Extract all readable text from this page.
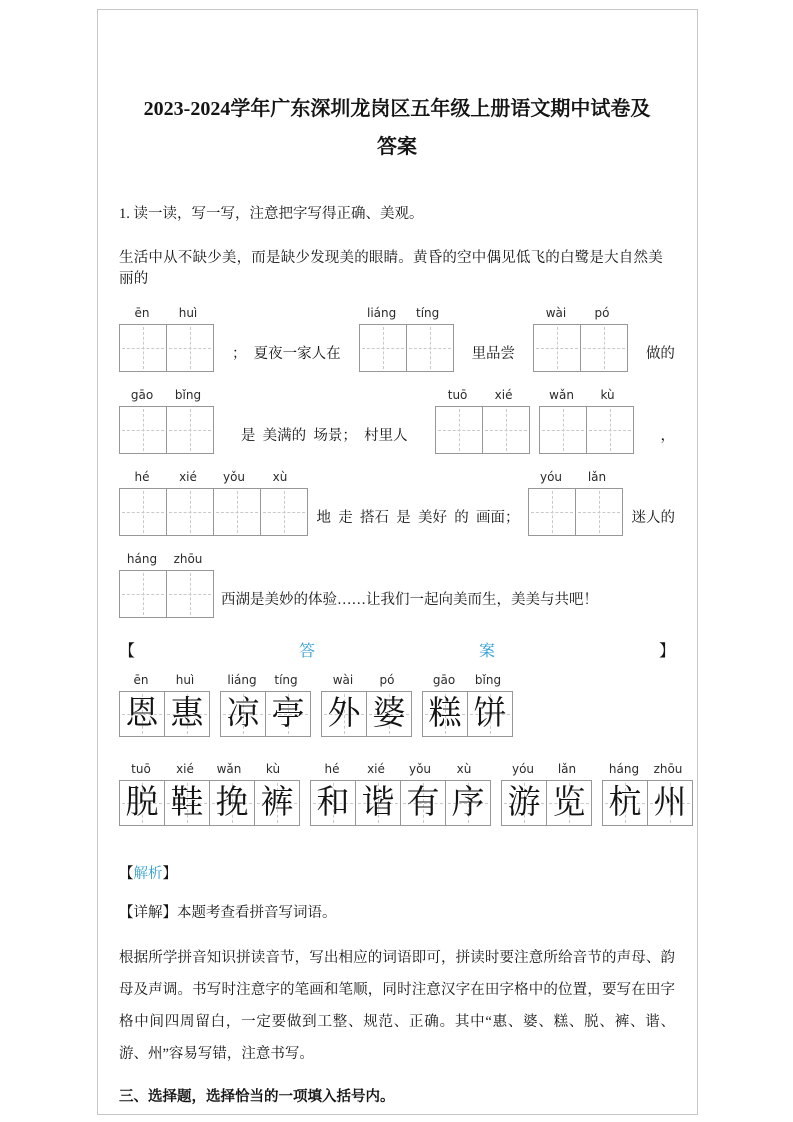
2023-2024学年广东深圳龙岗区五年级上册语文期中试卷及
答案

1. 读一读，写一写，注意把字写得正确、美观。

生活中从不缺少美，而是缺少发现美的眼睛。黄昏的空中偶见低飞的白鹭是大自然美丽的

ēn	huì
；  夏夜一家人在
liáng	tíng
里品尝
wài	pó
做的
gāo	bǐng
是  美满的  场景；  村里人
tuō	xié	wǎn	kù
，
hé	xié	yǒu	xù
地  走  搭石  是  美好  的  画面；
yóu	lǎn
迷人的
háng	zhōu
西湖是美妙的体验……让我们一起向美而生，美美与共吧！
【	答	案	】
ēn	huì
恩 惠
liáng	tíng
凉 亭
wài	pó
外 婆
gāo	bǐng
糕 饼
tuō	xié	wǎn	kù
脱 鞋 挽 裤
hé	xié	yǒu	xù
和 谐 有 序
yóu	lǎn
游 览
háng	zhōu
杭 州

【解析】

【详解】本题考查看拼音写词语。

根据所学拼音知识拼读音节，写出相应的词语即可，拼读时要注意所给音节的声母、韵母及声调。书写时注意字的笔画和笔顺，同时注意汉字在田字格中的位置，要写在田字格中间四周留白，一定要做到工整、规范、正确。其中“惠、婆、糕、脱、裤、谐、游、州”容易写错，注意书写。

三、选择题，选择恰当的一项填入括号内。
